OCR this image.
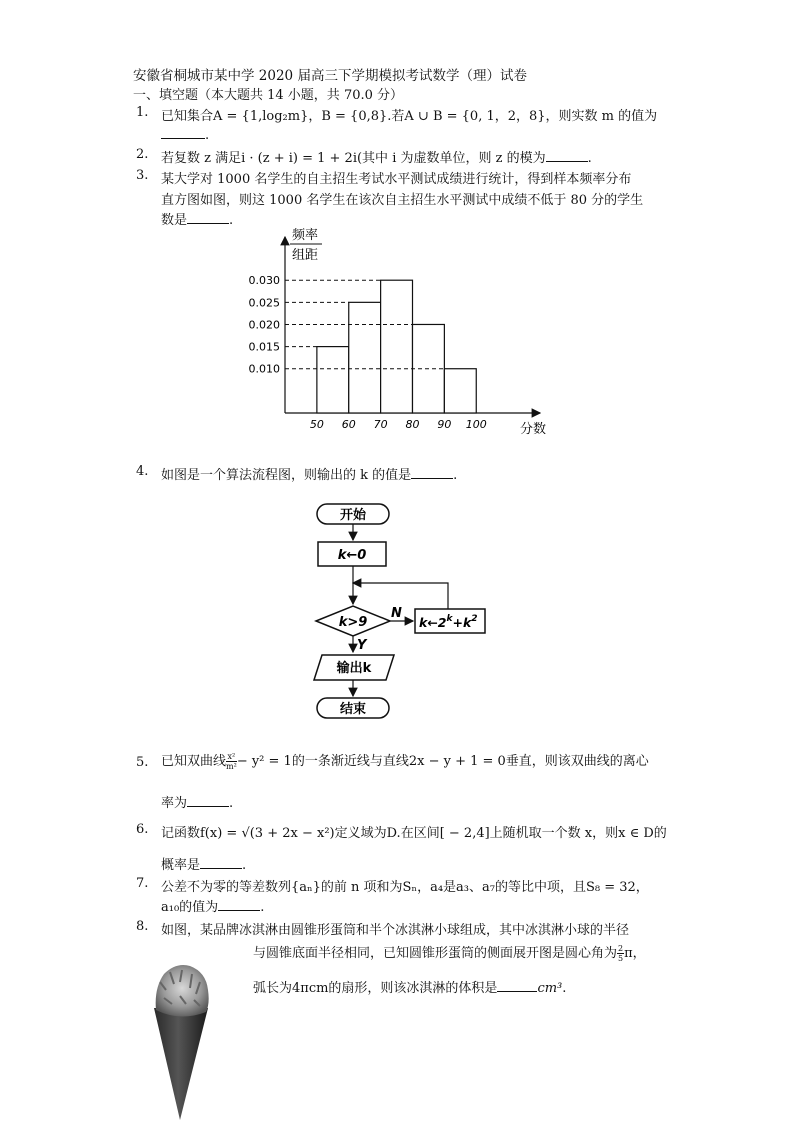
安徽省桐城市某中学 2020 届高三下学期模拟考试数学（理）试卷
一、填空题（本大题共 14 小题，共 70.0 分）
1. 已知集合A = {1,log₂m}，B = {0,8}.若A ∪ B = {0, 1，2，8}，则实数 m 的值为
.
2. 若复数 z 满足i · (z + i) = 1 + 2i(其中 i 为虚数单位，则 z 的模为	.
3. 某大学对 1000 名学生的自主招生考试水平测试成绩进行统计，得到样本频率分布
直方图如图，则这 1000 名学生在该次自主招生水平测试中成绩不低于 80 分的学生
数是	.
频率
组距
分数
0.030
0.025
0.020
0.015
0.010
50 60 70 80 90 100
4. 如图是一个算法流程图，则输出的 k 的值是	.
开始
k←0
k>9
N
$k\leftarrow 2^k+k^2$
Y
输出k
结束
5. 已知双曲线 $\frac{\text{x²}}{\text{m²}} - y^2 = 1$的一条渐近线与直线2x − y + 1 = 0垂直，则该双曲线的离心
率为	.
6. 记函数f(x) = √(3 + 2x − x²)定义域为D.在区间[ − 2,4]上随机取一个数 x，则x ∈ D的
概率是	.
7. 公差不为零的等差数列{aₙ}的前 n 项和为Sₙ，a₄是a₃、a₇的等比中项，且S₈ = 32，
a₁₀的值为	.
8. 如图，某品牌冰淇淋由圆锥形蛋筒和半个冰淇淋小球组成，其中冰淇淋小球的半径
与圆锥底面半径相同，已知圆锥形蛋筒的侧面展开图是圆心角为 $\frac{2}{5}$ π，
弧长为4πcm的扇形，则该冰淇淋的体积是	cm³.
